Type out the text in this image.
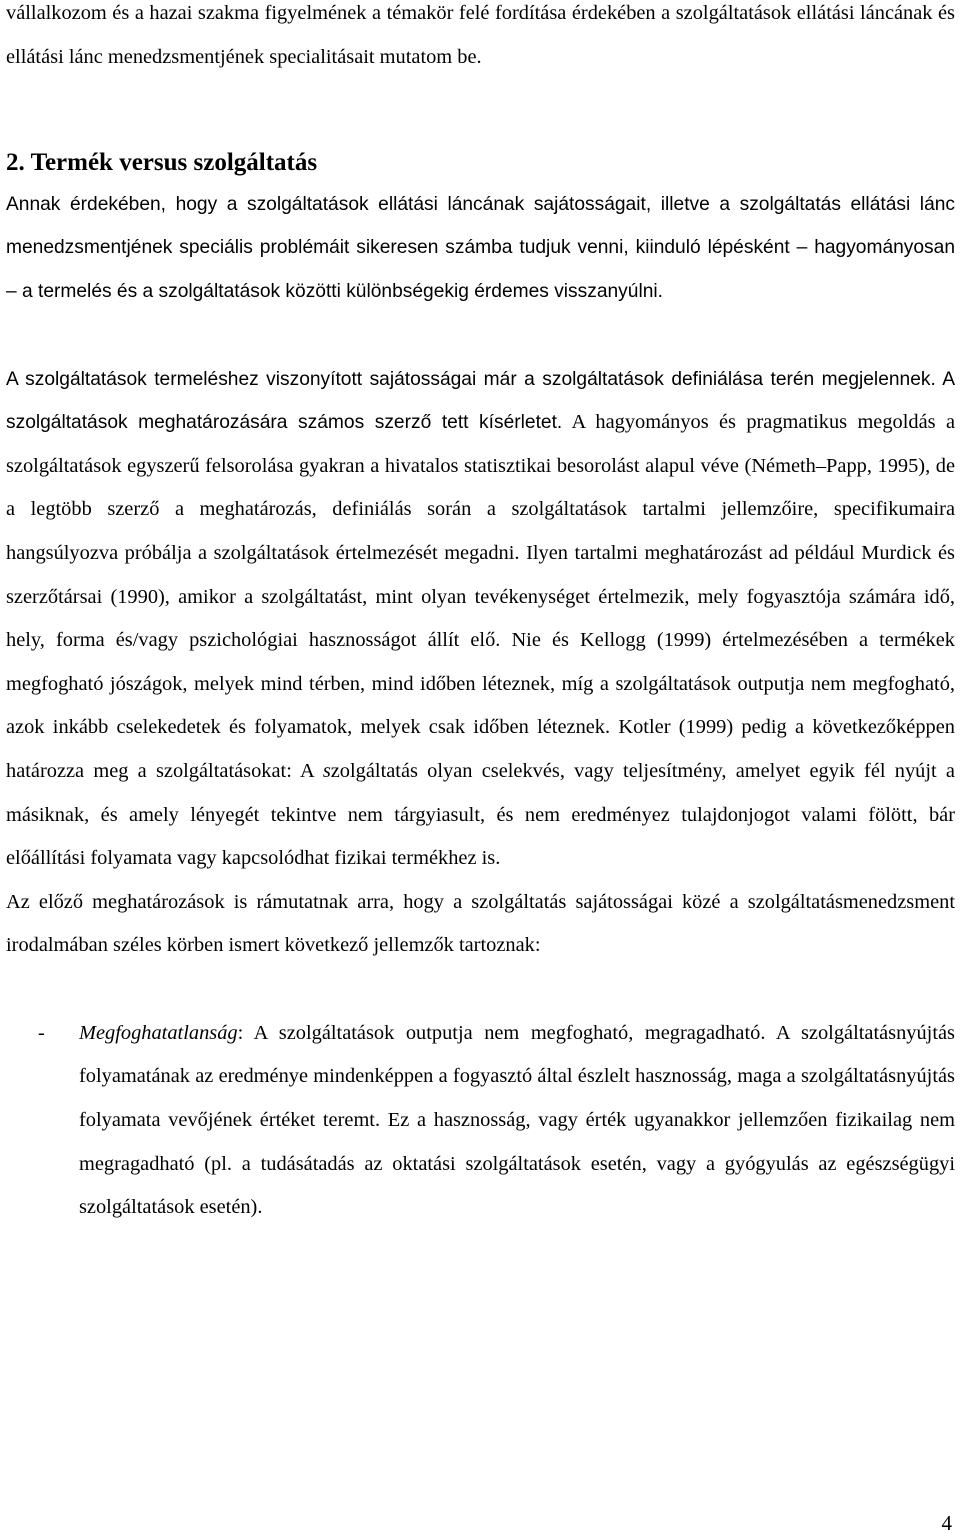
vállalkozom és a hazai szakma figyelmének a témakör felé fordítása érdekében a szolgáltatások ellátási láncának és ellátási lánc menedzsmentjének specialitásait mutatom be.

2. Termék versus szolgáltatás

Annak érdekében, hogy a szolgáltatások ellátási láncának sajátosságait, illetve a szolgáltatás ellátási lánc menedzsmentjének speciális problémáit sikeresen számba tudjuk venni, kiinduló lépésként – hagyományosan – a termelés és a szolgáltatások közötti különbségekig érdemes visszanyúlni.

A szolgáltatások termeléshez viszonyított sajátosságai már a szolgáltatások definiálása terén megjelennek. A szolgáltatások meghatározására számos szerző tett kísérletet. A hagyományos és pragmatikus megoldás a szolgáltatások egyszerű felsorolása gyakran a hivatalos statisztikai besorolást alapul véve (Németh–Papp, 1995), de a legtöbb szerző a meghatározás, definiálás során a szolgáltatások tartalmi jellemzőire, specifikumaira hangsúlyozva próbálja a szolgáltatások értelmezését megadni. Ilyen tartalmi meghatározást ad például Murdick és szerzőtársai (1990), amikor a szolgáltatást, mint olyan tevékenységet értelmezik, mely fogyasztója számára idő, hely, forma és/vagy pszichológiai hasznosságot állít elő. Nie és Kellogg (1999) értelmezésében a termékek megfogható jószágok, melyek mind térben, mind időben léteznek, míg a szolgáltatások outputja nem megfogható, azok inkább cselekedetek és folyamatok, melyek csak időben léteznek. Kotler (1999) pedig a következőképpen határozza meg a szolgáltatásokat: A szolgáltatás olyan cselekvés, vagy teljesítmény, amelyet egyik fél nyújt a másiknak, és amely lényegét tekintve nem tárgyiasult, és nem eredményez tulajdonjogot valami fölött, bár előállítási folyamata vagy kapcsolódhat fizikai termékhez is.

Az előző meghatározások is rámutatnak arra, hogy a szolgáltatás sajátosságai közé a szolgáltatásmenedzsment irodalmában széles körben ismert következő jellemzők tartoznak:

- Megfoghatatlanság: A szolgáltatások outputja nem megfogható, megragadható. A szolgáltatásnyújtás folyamatának az eredménye mindenképpen a fogyasztó által észlelt hasznosság, maga a szolgáltatásnyújtás folyamata vevőjének értéket teremt. Ez a hasznosság, vagy érték ugyanakkor jellemzően fizikailag nem megragadható (pl. a tudásátadás az oktatási szolgáltatások esetén, vagy a gyógyulás az egészségügyi szolgáltatások esetén).

4
